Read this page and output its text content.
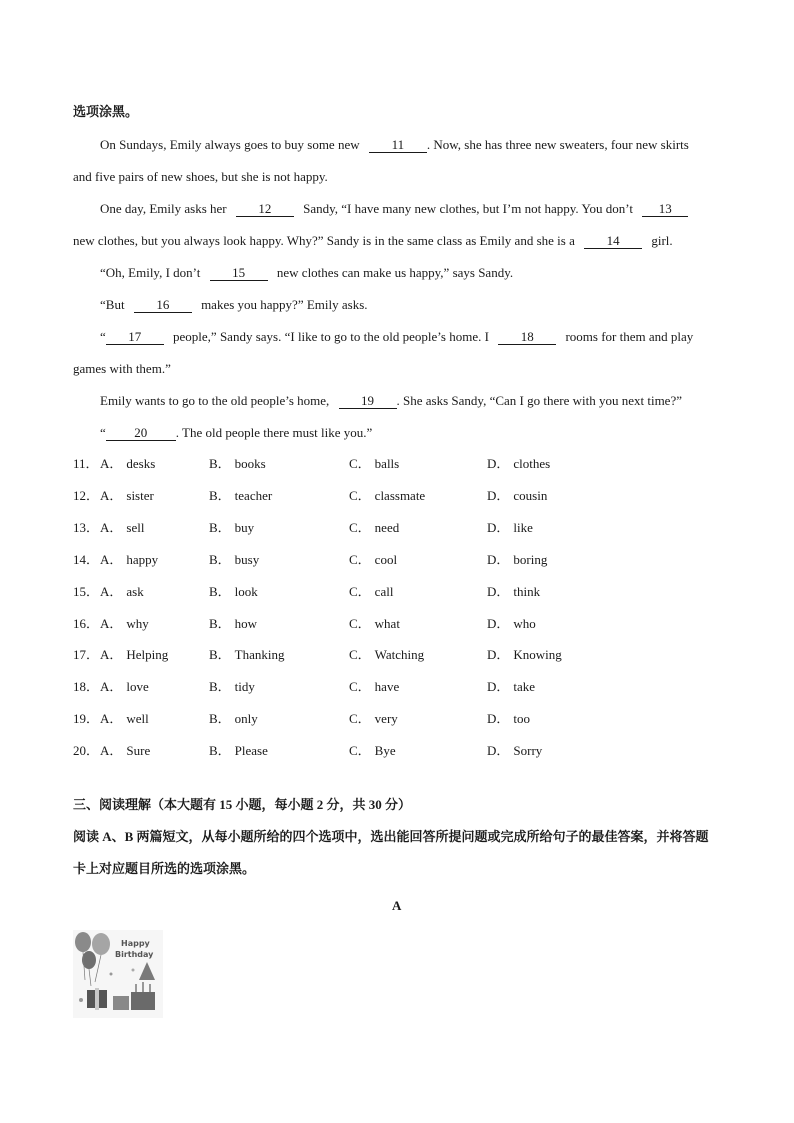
选项涂黑。
On Sundays, Emily always goes to buy some new 11 . Now, she has three new sweaters, four new skirts
and five pairs of new shoes, but she is not happy.
One day, Emily asks her 12 Sandy, “I have many new clothes, but I’m not happy. You don’t 13
new clothes, but you always look happy. Why?” Sandy is in the same class as Emily and she is a 14 girl.
“Oh, Emily, I don’t 15 new clothes can make us happy,” says Sandy.
“But 16 makes you happy?” Emily asks.
“ 17 people,” Sandy says. “I like to go to the old people’s home. I 18 rooms for them and play
games with them.”
Emily wants to go to the old people’s home, 19 . She asks Sandy, “Can I go there with you next time?”
“ 20 . The old people there must like you.”
11． A． desks	B． books	C． balls	D． clothes
12． A． sister	B． teacher	C． classmate	D． cousin
13． A． sell	B． buy	C． need	D． like
14． A． happy	B． busy	C． cool	D． boring
15． A． ask	B． look	C． call	D． think
16． A． why	B． how	C． what	D． who
17． A． Helping	B． Thanking	C． Watching	D． Knowing
18． A． love	B． tidy	C． have	D． take
19． A． well	B． only	C． very	D． too
20． A． Sure	B． Please	C． Bye	D． Sorry
三、阅读理解（本大题有 15 小题，每小题 2 分，共 30 分）
阅读 A、B 两篇短文，从每小题所给的四个选项中，选出能回答所提问题或完成所给句子的最佳答案，并将答题
卡上对应题目所选的选项涂黑。
A
Happy
Birthday
